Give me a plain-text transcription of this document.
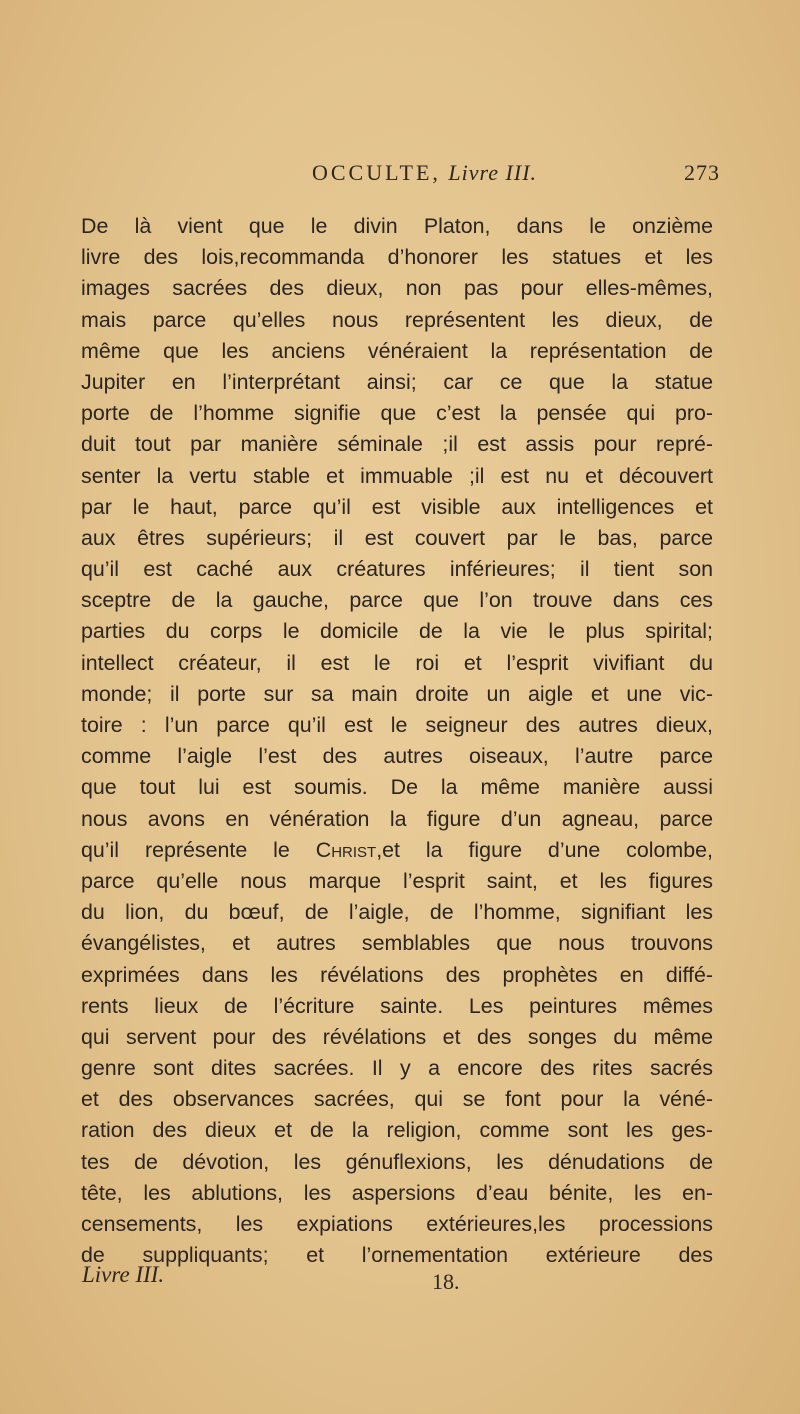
OCCULTE, Livre III.	273
De là vient que le divin Platon, dans le onzième
livre des lois,recommanda d’honorer les statues et les
images sacrées des dieux, non pas pour elles-mêmes,
mais parce qu’elles nous représentent les dieux, de
même que les anciens vénéraient la représentation de
Jupiter en l’interprétant ainsi; car ce que la statue
porte de l’homme signifie que c’est la pensée qui pro-
duit tout par manière séminale ;il est assis pour repré-
senter la vertu stable et immuable ;il est nu et découvert
par le haut, parce qu’il est visible aux intelligences et
aux êtres supérieurs; il est couvert par le bas, parce
qu’il est caché aux créatures inférieures; il tient son
sceptre de la gauche, parce que l’on trouve dans ces
parties du corps le domicile de la vie le plus spirital;
intellect créateur, il est le roi et l’esprit vivifiant du
monde; il porte sur sa main droite un aigle et une vic-
toire : l’un parce qu’il est le seigneur des autres dieux,
comme l’aigle l’est des autres oiseaux, l’autre parce
que tout lui est soumis. De la même manière aussi
nous avons en vénération la figure d’un agneau, parce
qu’il représente le Christ,et la figure d’une colombe,
parce qu’elle nous marque l’esprit saint, et les figures
du lion, du bœuf, de l’aigle, de l’homme, signifiant les
évangélistes, et autres semblables que nous trouvons
exprimées dans les révélations des prophètes en diffé-
rents lieux de l’écriture sainte. Les peintures mêmes
qui servent pour des révélations et des songes du même
genre sont dites sacrées. Il y a encore des rites sacrés
et des observances sacrées, qui se font pour la véné-
ration des dieux et de la religion, comme sont les ges-
tes de dévotion, les génuflexions, les dénudations de
tête, les ablutions, les aspersions d’eau bénite, les en-
censements, les expiations extérieures,les processions
de suppliquants; et l’ornementation extérieure des
Livre III.	18.
